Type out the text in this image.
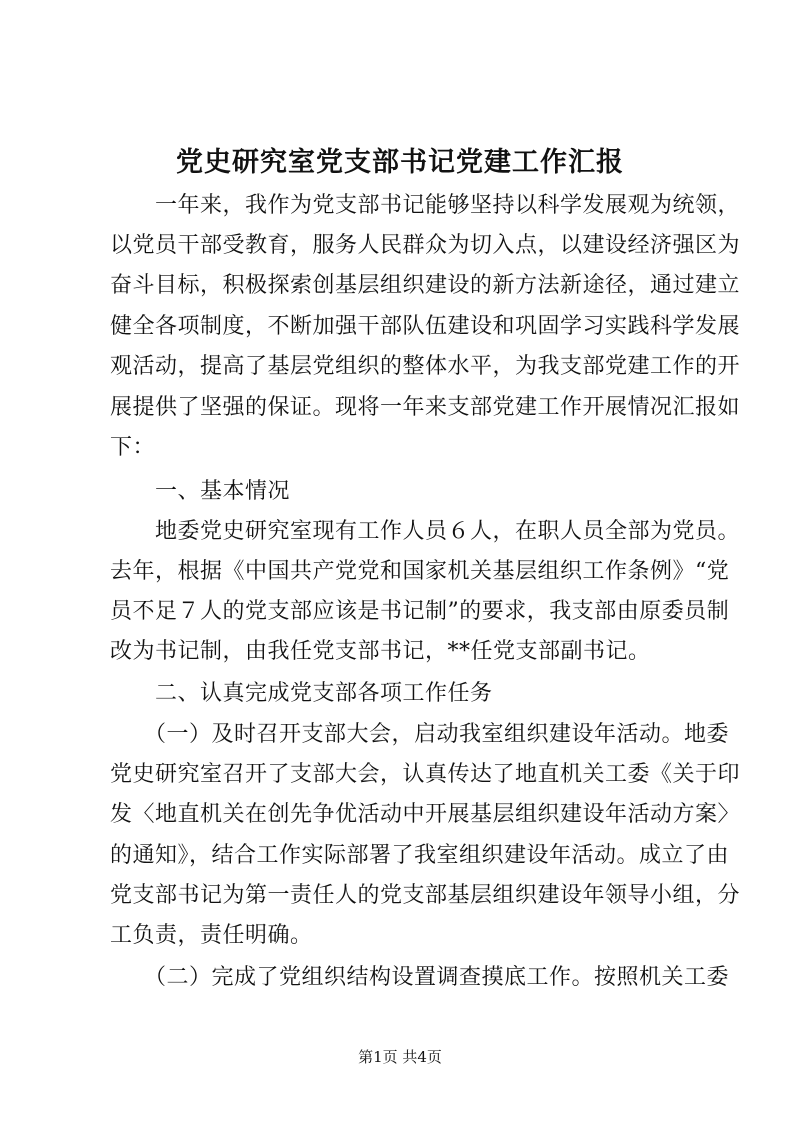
党史研究室党支部书记党建工作汇报
　　一年来，我作为党支部书记能够坚持以科学发展观为统领，
以党员干部受教育，服务人民群众为切入点，以建设经济强区为
奋斗目标，积极探索创基层组织建设的新方法新途径，通过建立
健全各项制度，不断加强干部队伍建设和巩固学习实践科学发展
观活动，提高了基层党组织的整体水平，为我支部党建工作的开
展提供了坚强的保证。现将一年来支部党建工作开展情况汇报如
下：
　　一、基本情况
　　地委党史研究室现有工作人员６人，在职人员全部为党员。
去年，根据《中国共产党党和国家机关基层组织工作条例》“党
员不足７人的党支部应该是书记制”的要求，我支部由原委员制
改为书记制，由我任党支部书记，**任党支部副书记。
　　二、认真完成党支部各项工作任务
　　（一）及时召开支部大会，启动我室组织建设年活动。地委
党史研究室召开了支部大会，认真传达了地直机关工委《关于印
发〈地直机关在创先争优活动中开展基层组织建设年活动方案〉
的通知》，结合工作实际部署了我室组织建设年活动。成立了由
党支部书记为第一责任人的党支部基层组织建设年领导小组，分
工负责，责任明确。
　　（二）完成了党组织结构设置调查摸底工作。按照机关工委
第1页 共4页
